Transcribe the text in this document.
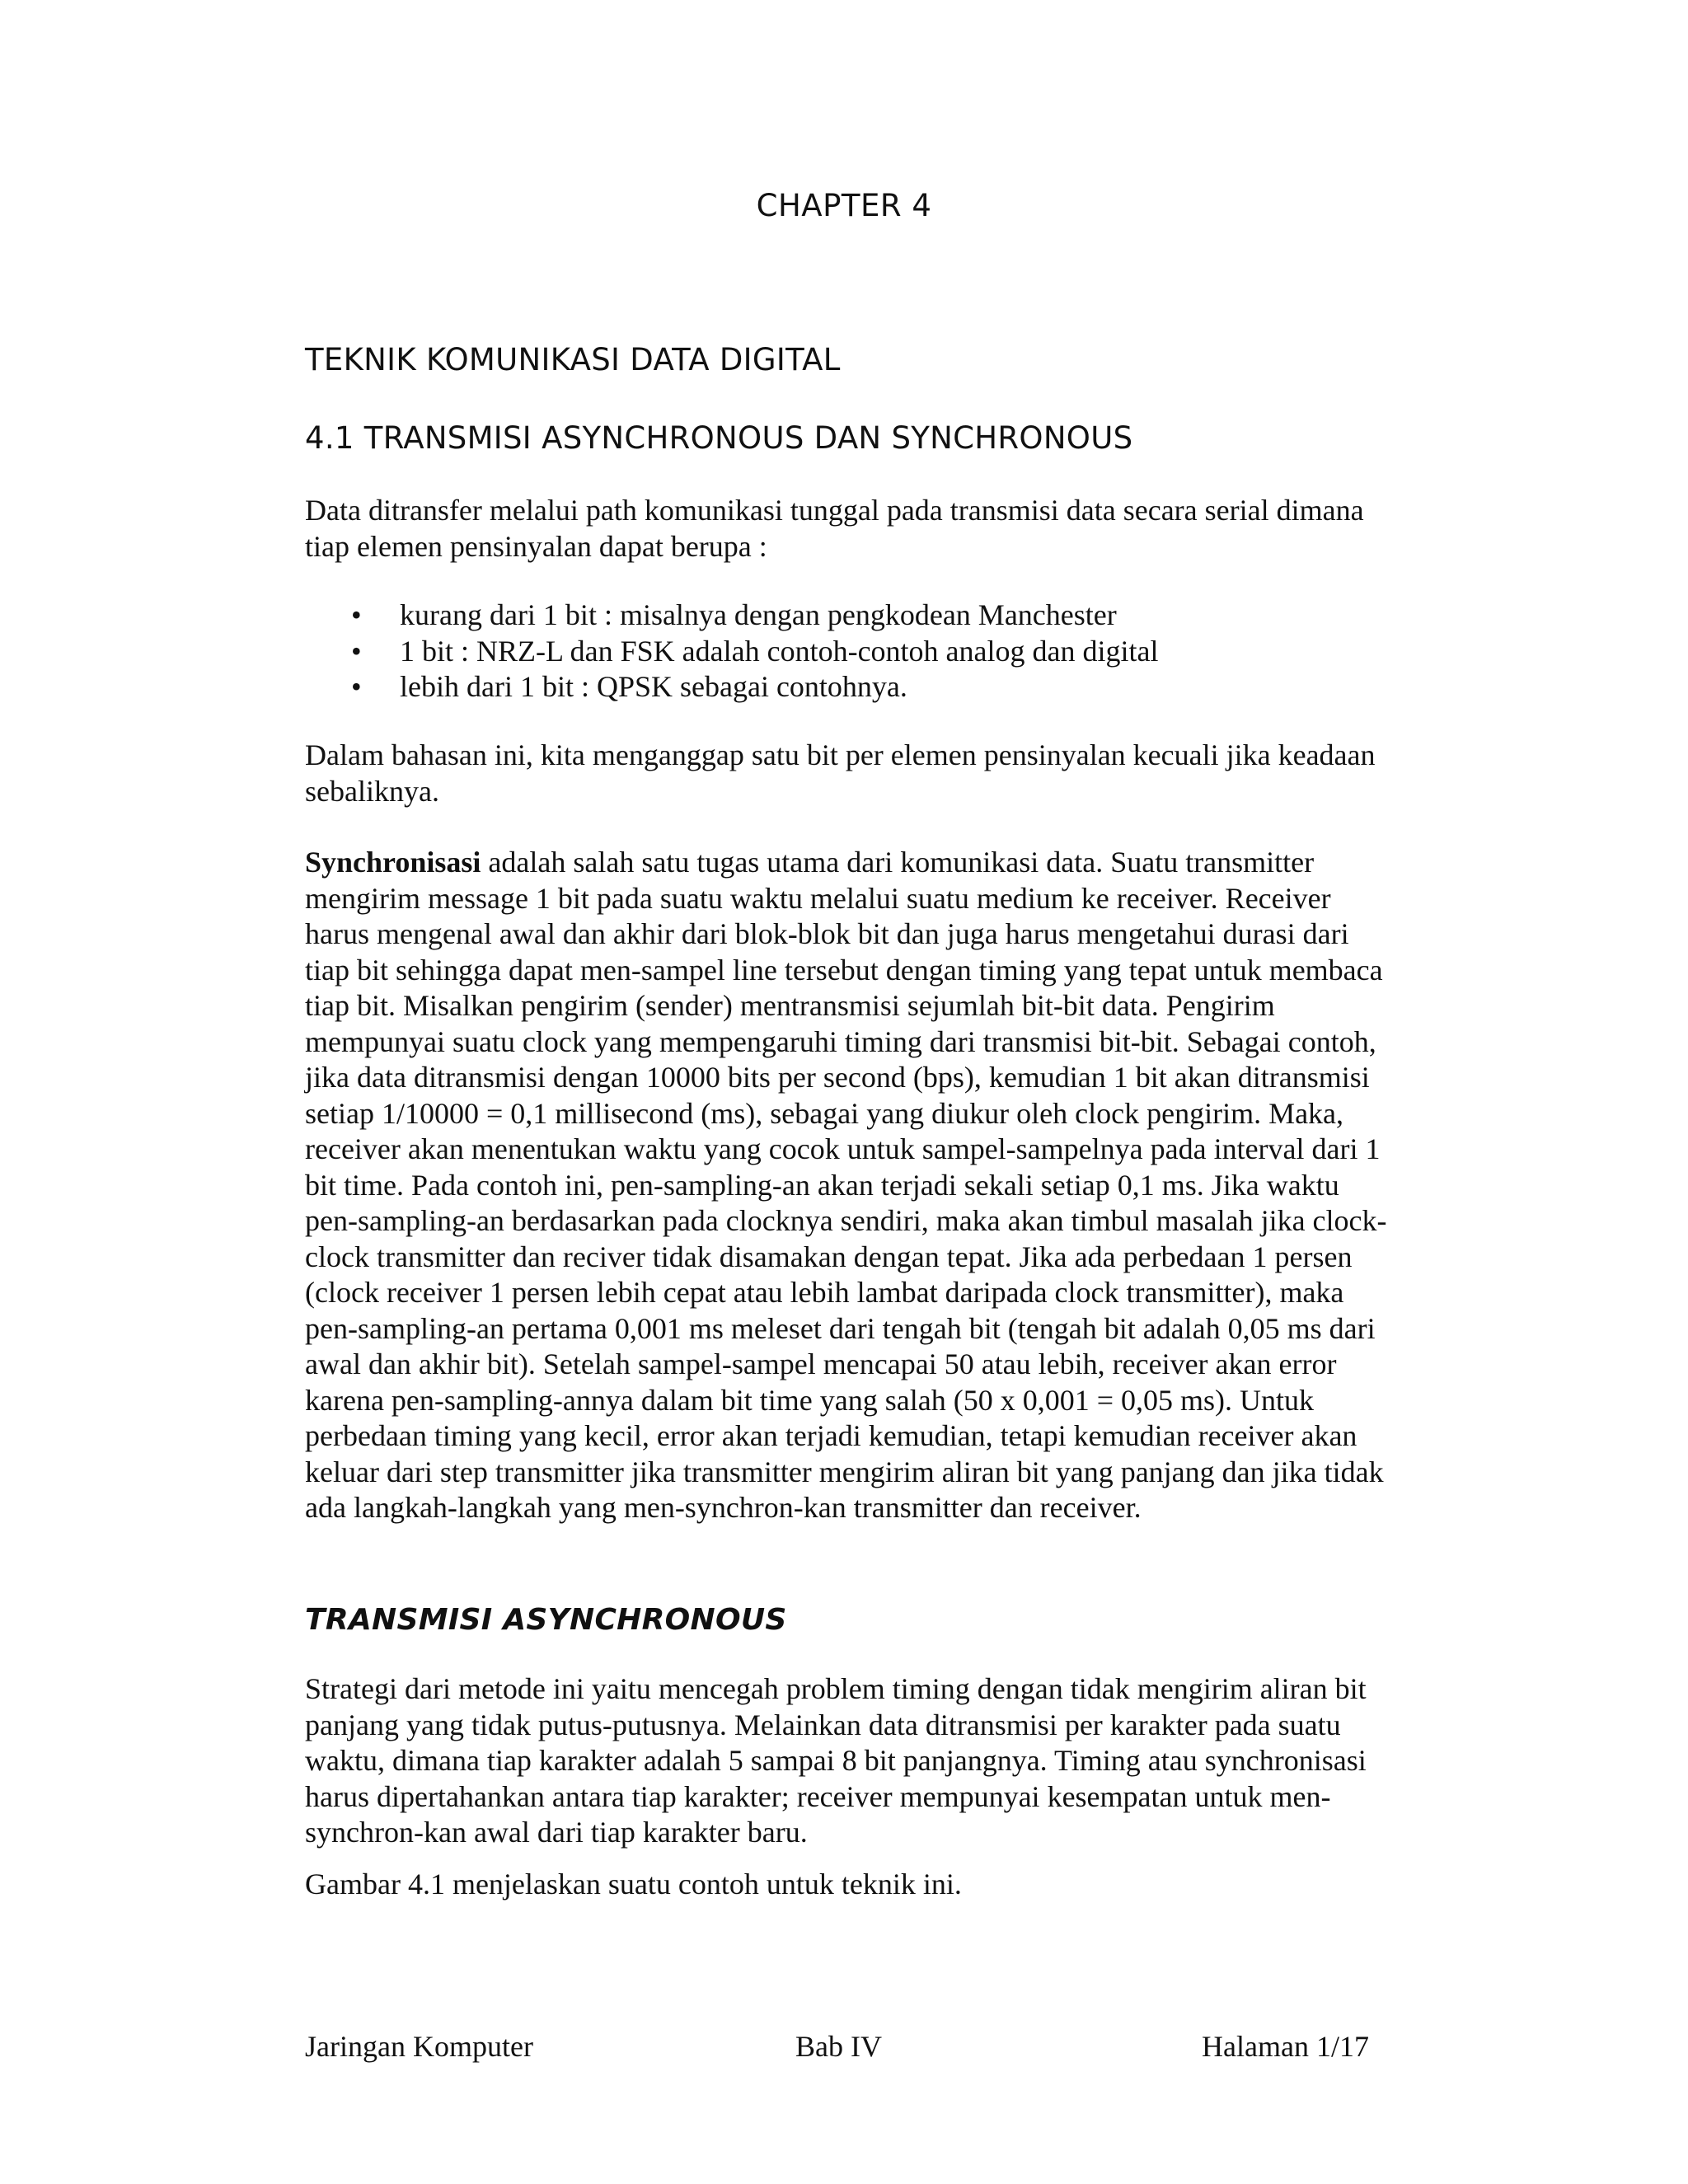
CHAPTER 4
TEKNIK KOMUNIKASI DATA DIGITAL
4.1 TRANSMISI ASYNCHRONOUS DAN SYNCHRONOUS

Data ditransfer melalui path komunikasi tunggal pada transmisi data secara serial dimana tiap elemen pensinyalan dapat berupa :

• kurang dari 1 bit : misalnya dengan pengkodean Manchester
• 1 bit : NRZ-L dan FSK adalah contoh-contoh analog dan digital
• lebih dari 1 bit : QPSK sebagai contohnya.

Dalam bahasan ini, kita menganggap satu bit per elemen pensinyalan kecuali jika keadaan sebaliknya.

Synchronisasi adalah salah satu tugas utama dari komunikasi data. Suatu transmitter mengirim message 1 bit pada suatu waktu melalui suatu medium ke receiver. Receiver harus mengenal awal dan akhir dari blok-blok bit dan juga harus mengetahui durasi dari tiap bit sehingga dapat men-sampel line tersebut dengan timing yang tepat untuk membaca tiap bit. Misalkan pengirim (sender) mentransmisi sejumlah bit-bit data. Pengirim mempunyai suatu clock yang mempengaruhi timing dari transmisi bit-bit. Sebagai contoh, jika data ditransmisi dengan 10000 bits per second (bps), kemudian 1 bit akan ditransmisi setiap 1/10000 = 0,1 millisecond (ms), sebagai yang diukur oleh clock pengirim. Maka, receiver akan menentukan waktu yang cocok untuk sampel-sampelnya pada interval dari 1 bit time. Pada contoh ini, pen-sampling-an akan terjadi sekali setiap 0,1 ms. Jika waktu pen-sampling-an berdasarkan pada clocknya sendiri, maka akan timbul masalah jika clock-clock transmitter dan reciver tidak disamakan dengan tepat. Jika ada perbedaan 1 persen (clock receiver 1 persen lebih cepat atau lebih lambat daripada clock transmitter), maka pen-sampling-an pertama 0,001 ms meleset dari tengah bit (tengah bit adalah 0,05 ms dari awal dan akhir bit). Setelah sampel-sampel mencapai 50 atau lebih, receiver akan error karena pen-sampling-annya dalam bit time yang salah (50 x 0,001 = 0,05 ms). Untuk perbedaan timing yang kecil, error akan terjadi kemudian, tetapi kemudian receiver akan keluar dari step transmitter jika transmitter mengirim aliran bit yang panjang dan jika tidak ada langkah-langkah yang men-synchron-kan transmitter dan receiver.

TRANSMISI ASYNCHRONOUS

Strategi dari metode ini yaitu mencegah problem timing dengan tidak mengirim aliran bit panjang yang tidak putus-putusnya. Melainkan data ditransmisi per karakter pada suatu waktu, dimana tiap karakter adalah 5 sampai 8 bit panjangnya. Timing atau synchronisasi harus dipertahankan antara tiap karakter; receiver mempunyai kesempatan untuk men-synchron-kan awal dari tiap karakter baru.

Gambar 4.1 menjelaskan suatu contoh untuk teknik ini.

Jaringan Komputer	Bab IV	Halaman 1/17
